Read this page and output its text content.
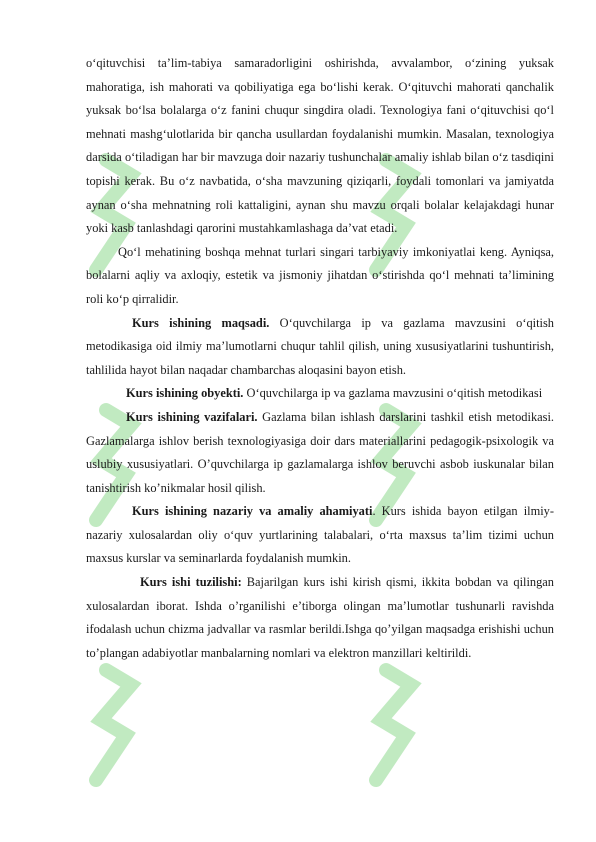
o‘qituvchisi ta’lim-tabiya samaradorligini oshirishda, avvalambor, o‘zining yuksak mahoratiga, ish mahorati va qobiliyatiga ega bo‘lishi kerak. O‘qituvchi mahorati qanchalik yuksak bo‘lsa bolalarga o‘z fanini chuqur singdira oladi. Texnologiya fani o‘qituvchisi qo‘l mehnati mashg‘ulotlarida bir qancha usullardan foydalanishi mumkin. Masalan, texnologiya darsida o‘tiladigan har bir mavzuga doir nazariy tushunchalar amaliy ishlab bilan o‘z tasdiqini topishi kerak. Bu o‘z navbatida, o‘sha mavzuning qiziqarli, foydali tomonlari va jamiyatda aynan o‘sha mehnatning roli kattaligini, aynan shu mavzu orqali bolalar kelajakdagi hunar yoki kasb tanlashdagi qarorini mustahkamlashaga da’vat etadi.

Qo‘l mehatining boshqa mehnat turlari singari tarbiyaviy imkoniyatlai keng. Ayniqsa, bolalarni aqliy va axloqiy, estetik va jismoniy jihatdan o‘stirishda qo‘l mehnati ta’limining roli ko‘p qirralidir.

Kurs ishining maqsadi. O‘quvchilarga ip va gazlama mavzusini o‘qitish metodikasiga oid ilmiy ma’lumotlarni chuqur tahlil qilish, uning xususiyatlarini tushuntirish, tahlilida hayot bilan naqadar chambarchas aloqasini bayon etish.

Kurs ishining obyekti. O‘quvchilarga ip va gazlama mavzusini o‘qitish metodikasi

Kurs ishining vazifalari. Gazlama bilan ishlash darslarini tashkil etish metodikasi. Gazlamalarga ishlov berish texnologiyasiga doir dars materiallarini pedagogik-psixologik va uslubiy xususiyatlari. O’quvchilarga ip gazlamalarga ishlov beruvchi asbob iuskunalar bilan tanishtirish ko’nikmalar hosil qilish.

Kurs ishining nazariy va amaliy ahamiyati. Kurs ishida bayon etilgan ilmiy-nazariy xulosalardan oliy o‘quv yurtlarining talabalari, o‘rta maxsus ta’lim tizimi uchun maxsus kurslar va seminarlarda foydalanish mumkin.

Kurs ishi tuzilishi: Bajarilgan kurs ishi kirish qismi, ikkita bobdan va qilingan xulosalardan iborat. Ishda o’rganilishi e’tiborga olingan ma’lumotlar tushunarli ravishda ifodalash uchun chizma jadvallar va rasmlar berildi.Ishga qo’yilgan maqsadga erishishi uchun to’plangan adabiyotlar manbalarning nomlari va elektron manzillari keltirildi.
